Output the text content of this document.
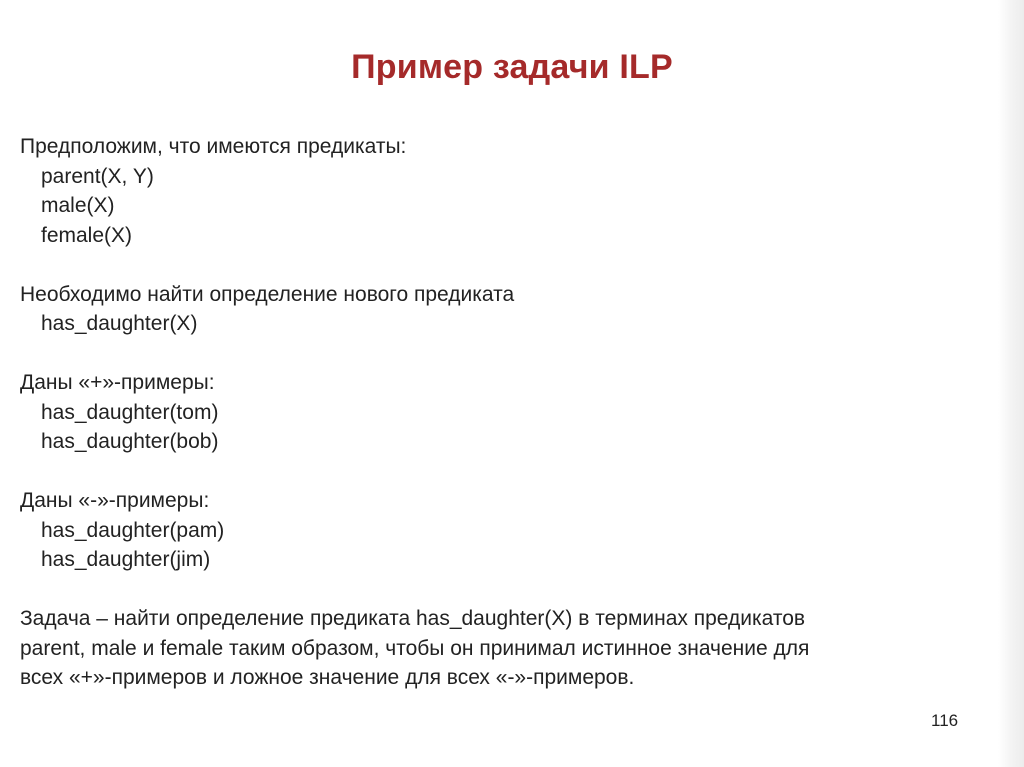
Пример задачи ILP
Предположим, что имеются предикаты:
parent(X, Y)
male(X)
female(X)
Необходимо найти определение нового предиката
has_daughter(X)
Даны «+»-примеры:
has_daughter(tom)
has_daughter(bob)
Даны «-»-примеры:
has_daughter(pam)
has_daughter(jim)
Задача – найти определение предиката has_daughter(X) в терминах предикатов
parent, male и female таким образом, чтобы он принимал истинное значение для
всех «+»-примеров и ложное значение для всех «-»-примеров.
116
